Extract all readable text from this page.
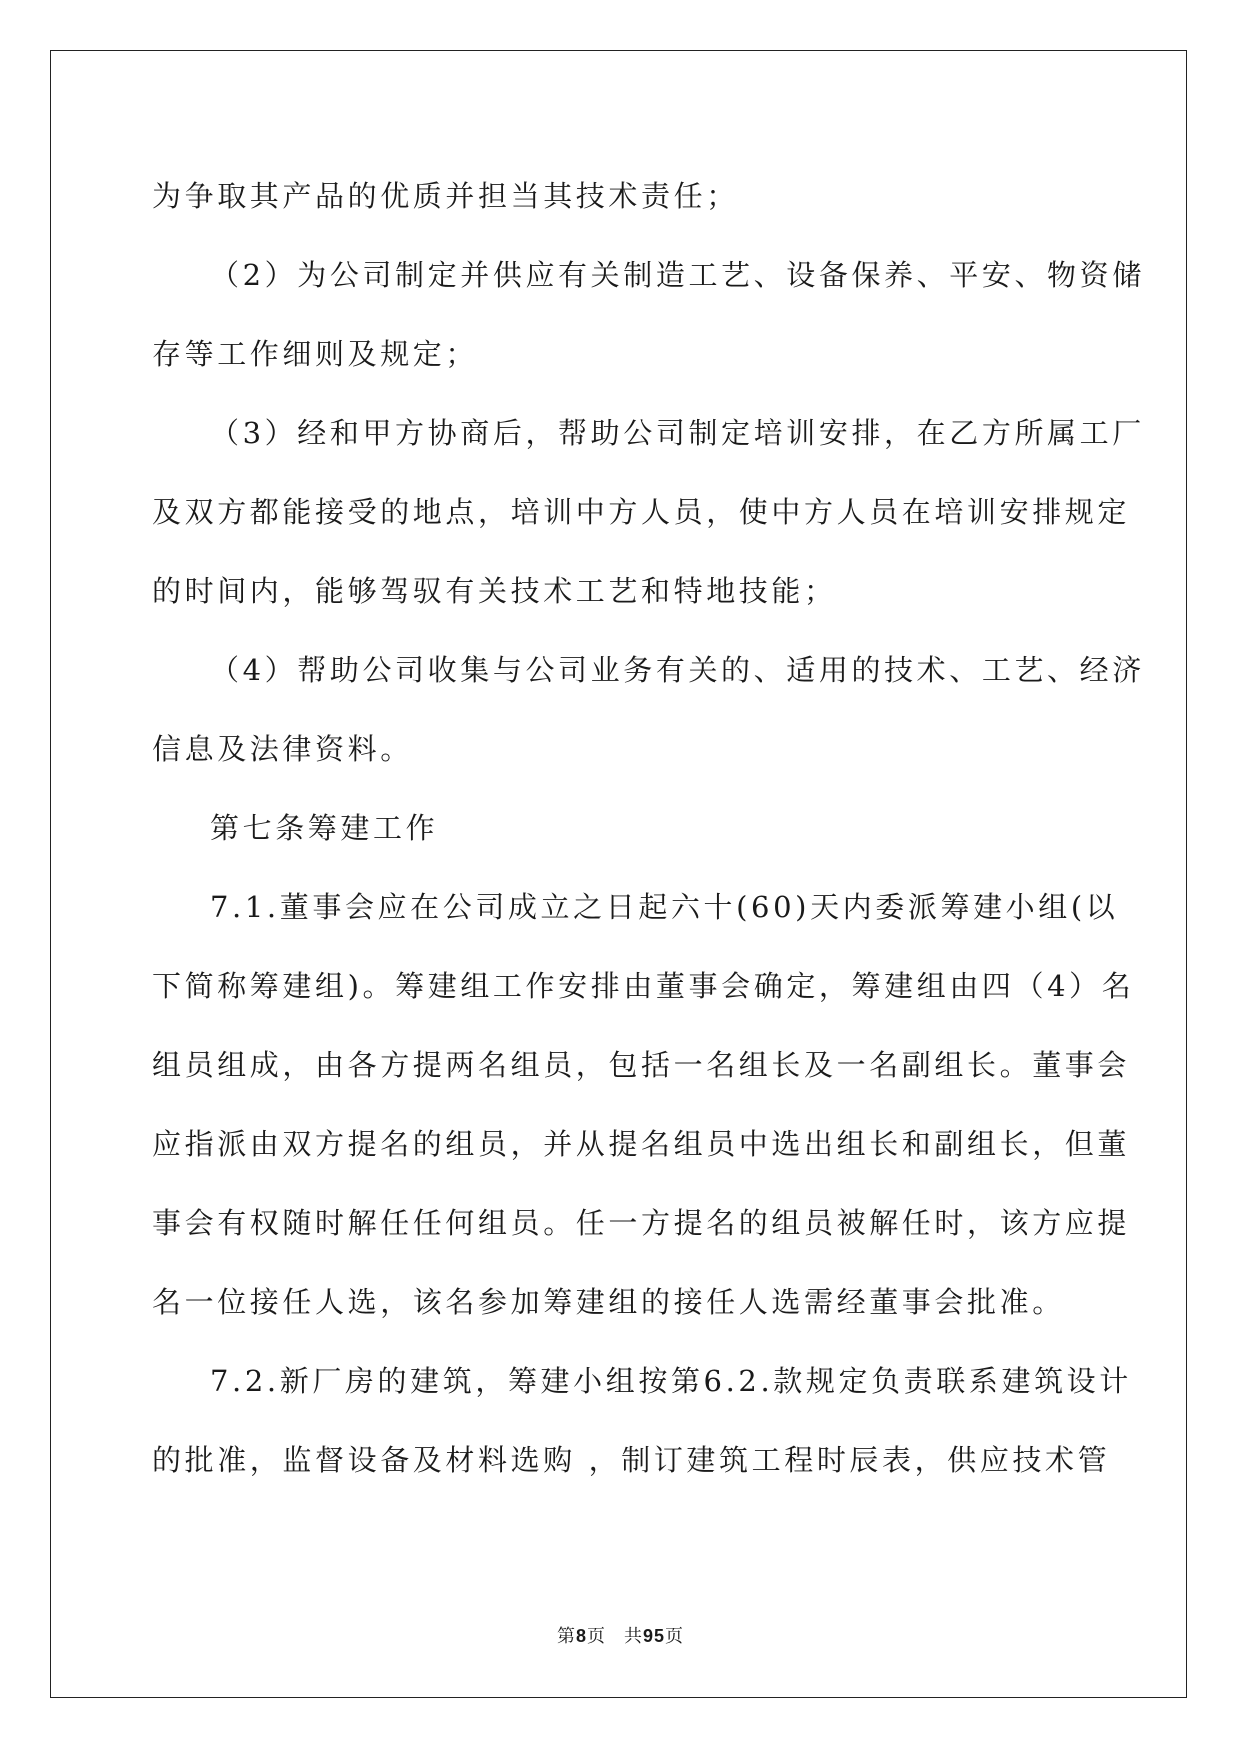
为争取其产品的优质并担当其技术责任；
（2）为公司制定并供应有关制造工艺、设备保养、平安、物资储
存等工作细则及规定；
（3）经和甲方协商后，帮助公司制定培训安排，在乙方所属工厂
及双方都能接受的地点，培训中方人员，使中方人员在培训安排规定
的时间内，能够驾驭有关技术工艺和特地技能；
（4）帮助公司收集与公司业务有关的、适用的技术、工艺、经济
信息及法律资料。
第七条筹建工作
7.1.董事会应在公司成立之日起六十(60)天内委派筹建小组(以
下简称筹建组)。筹建组工作安排由董事会确定，筹建组由四（4）名
组员组成，由各方提两名组员，包括一名组长及一名副组长。董事会
应指派由双方提名的组员，并从提名组员中选出组长和副组长，但董
事会有权随时解任任何组员。任一方提名的组员被解任时，该方应提
名一位接任人选，该名参加筹建组的接任人选需经董事会批准。
7.2.新厂房的建筑，筹建小组按第6.2.款规定负责联系建筑设计
的批准，监督设备及材料选购 ，制订建筑工程时辰表，供应技术管
第8页 共95页
